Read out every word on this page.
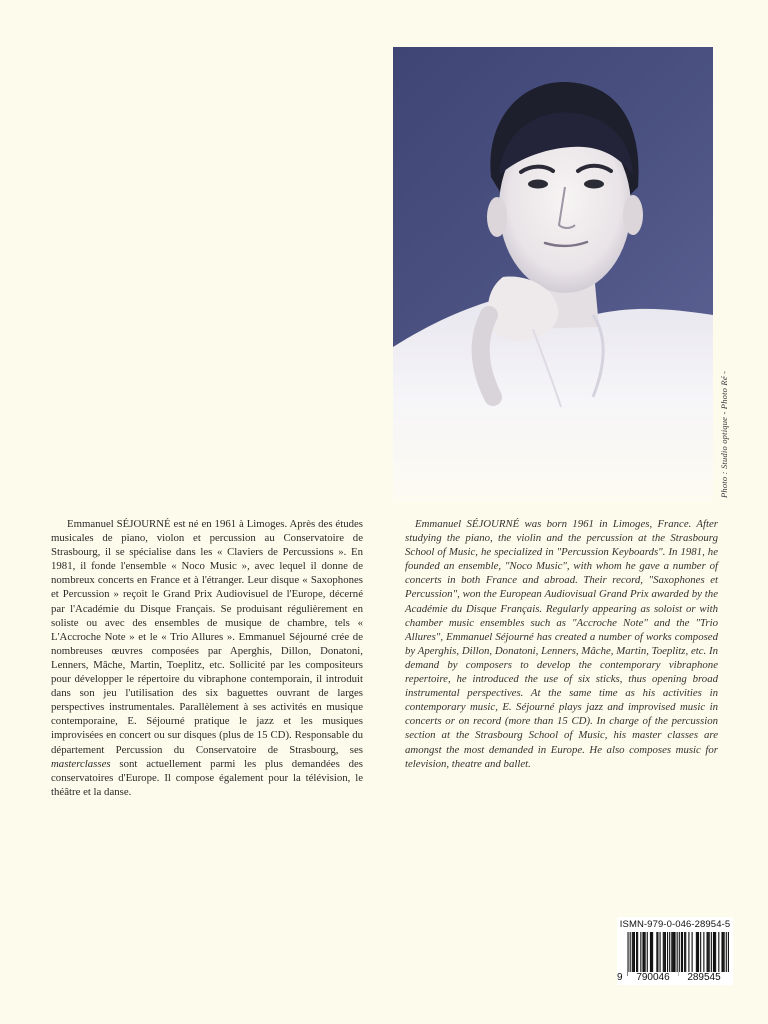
Photo : Studio optique - Photo Ré -

Emmanuel SÉJOURNÉ est né en 1961 à Limoges. Après des études musicales de piano, violon et percussion au Conservatoire de Strasbourg, il se spécialise dans les « Claviers de Percussions ». En 1981, il fonde l'ensemble « Noco Music », avec lequel il donne de nombreux concerts en France et à l'étranger. Leur disque « Saxophones et Percussion » reçoit le Grand Prix Audiovisuel de l'Europe, décerné par l'Académie du Disque Français. Se produisant régulièrement en soliste ou avec des ensembles de musique de chambre, tels « L'Accroche Note » et le « Trio Allures ». Emmanuel Séjourné crée de nombreuses œuvres composées par Aperghis, Dillon, Donatoni, Lenners, Mâche, Martin, Toeplitz, etc. Sollicité par les compositeurs pour développer le répertoire du vibraphone contemporain, il introduit dans son jeu l'utilisation des six baguettes ouvrant de larges perspectives instrumentales. Parallèlement à ses activités en musique contemporaine, E. Séjourné pratique le jazz et les musiques improvisées en concert ou sur disques (plus de 15 CD). Responsable du département Percussion du Conservatoire de Strasbourg, ses masterclasses sont actuellement parmi les plus demandées des conservatoires d'Europe. Il compose également pour la télévision, le théâtre et la danse.

Emmanuel SÉJOURNÉ was born 1961 in Limoges, France. After studying the piano, the violin and the percussion at the Strasbourg School of Music, he specialized in "Percussion Keyboards". In 1981, he founded an ensemble, "Noco Music", with whom he gave a number of concerts in both France and abroad. Their record, "Saxophones et Percussion", won the European Audiovisual Grand Prix awarded by the Académie du Disque Français. Regularly appearing as soloist or with chamber music ensembles such as "Accroche Note" and the "Trio Allures", Emmanuel Séjourné has created a number of works composed by Aperghis, Dillon, Donatoni, Lenners, Mâche, Martin, Toeplitz, etc. In demand by composers to develop the contemporary vibraphone repertoire, he introduced the use of six sticks, thus opening broad instrumental perspectives. At the same time as his activities in contemporary music, E. Séjourné plays jazz and improvised music in concerts or on record (more than 15 CD). In charge of the percussion section at the Strasbourg School of Music, his master classes are amongst the most demanded in Europe. He also composes music for television, theatre and ballet.

ISMN-979-0-046-28954-5
9	790046	289545
